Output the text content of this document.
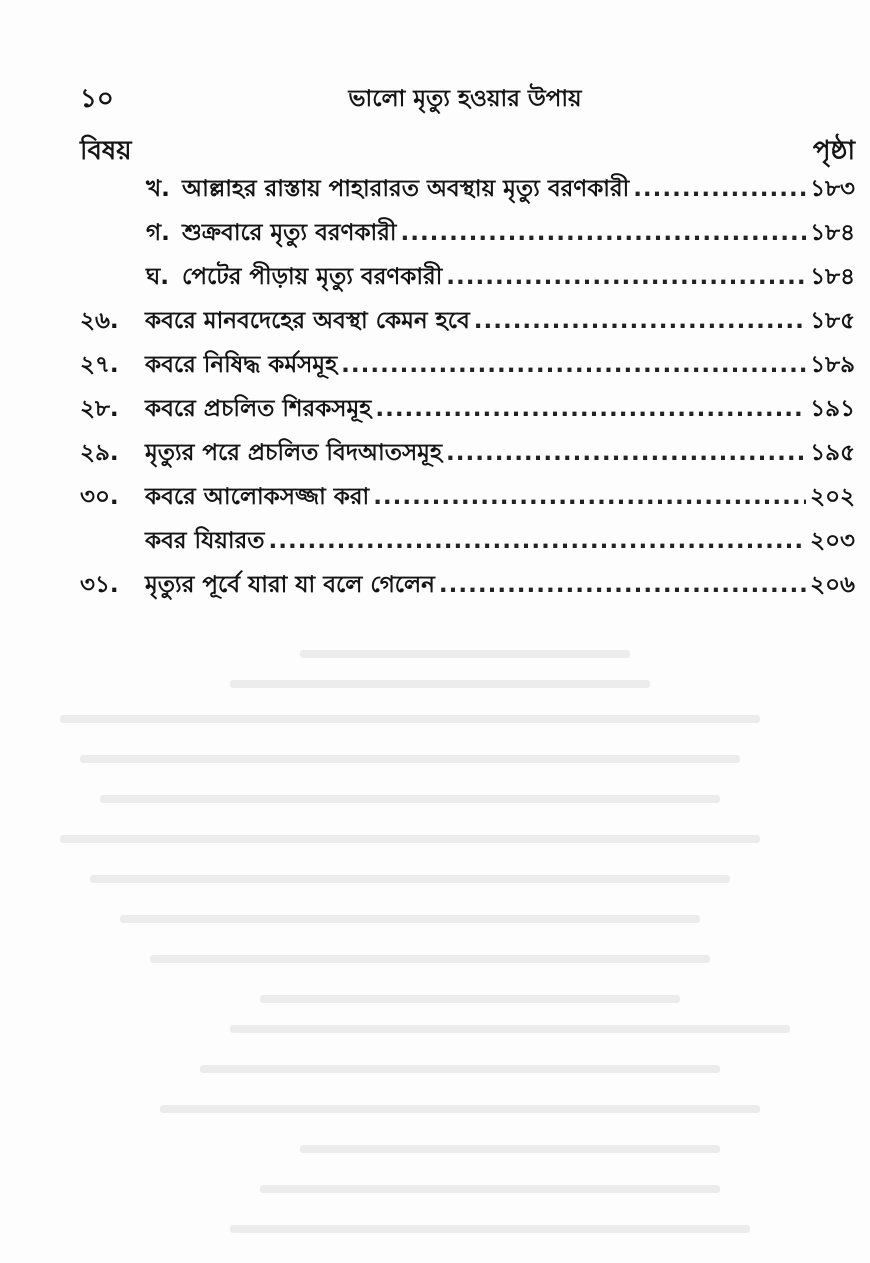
১০	ভালো মৃত্যু হওয়ার উপায়
বিষয়	পৃষ্ঠা
খ. আল্লাহর রাস্তায় পাহারারত অবস্থায় মৃত্যু বরণকারী .....	১৮৩
গ. শুক্রবারে মৃত্যু বরণকারী .....	১৮৪
ঘ. পেটের পীড়ায় মৃত্যু বরণকারী .....	১৮৪
২৬.	কবরে মানবদেহের অবস্থা কেমন হবে .....	১৮৫
২৭.	কবরে নিষিদ্ধ কর্মসমূহ .....	১৮৯
২৮.	কবরে প্রচলিত শিরকসমূহ .....	১৯১
২৯.	মৃত্যুর পরে প্রচলিত বিদআতসমূহ .....	১৯৫
৩০.	কবরে আলোকসজ্জা করা .....	২০২
কবর যিয়ারত .....	২০৩
৩১.	মৃত্যুর পূর্বে যারা যা বলে গেলেন .....	২০৬
